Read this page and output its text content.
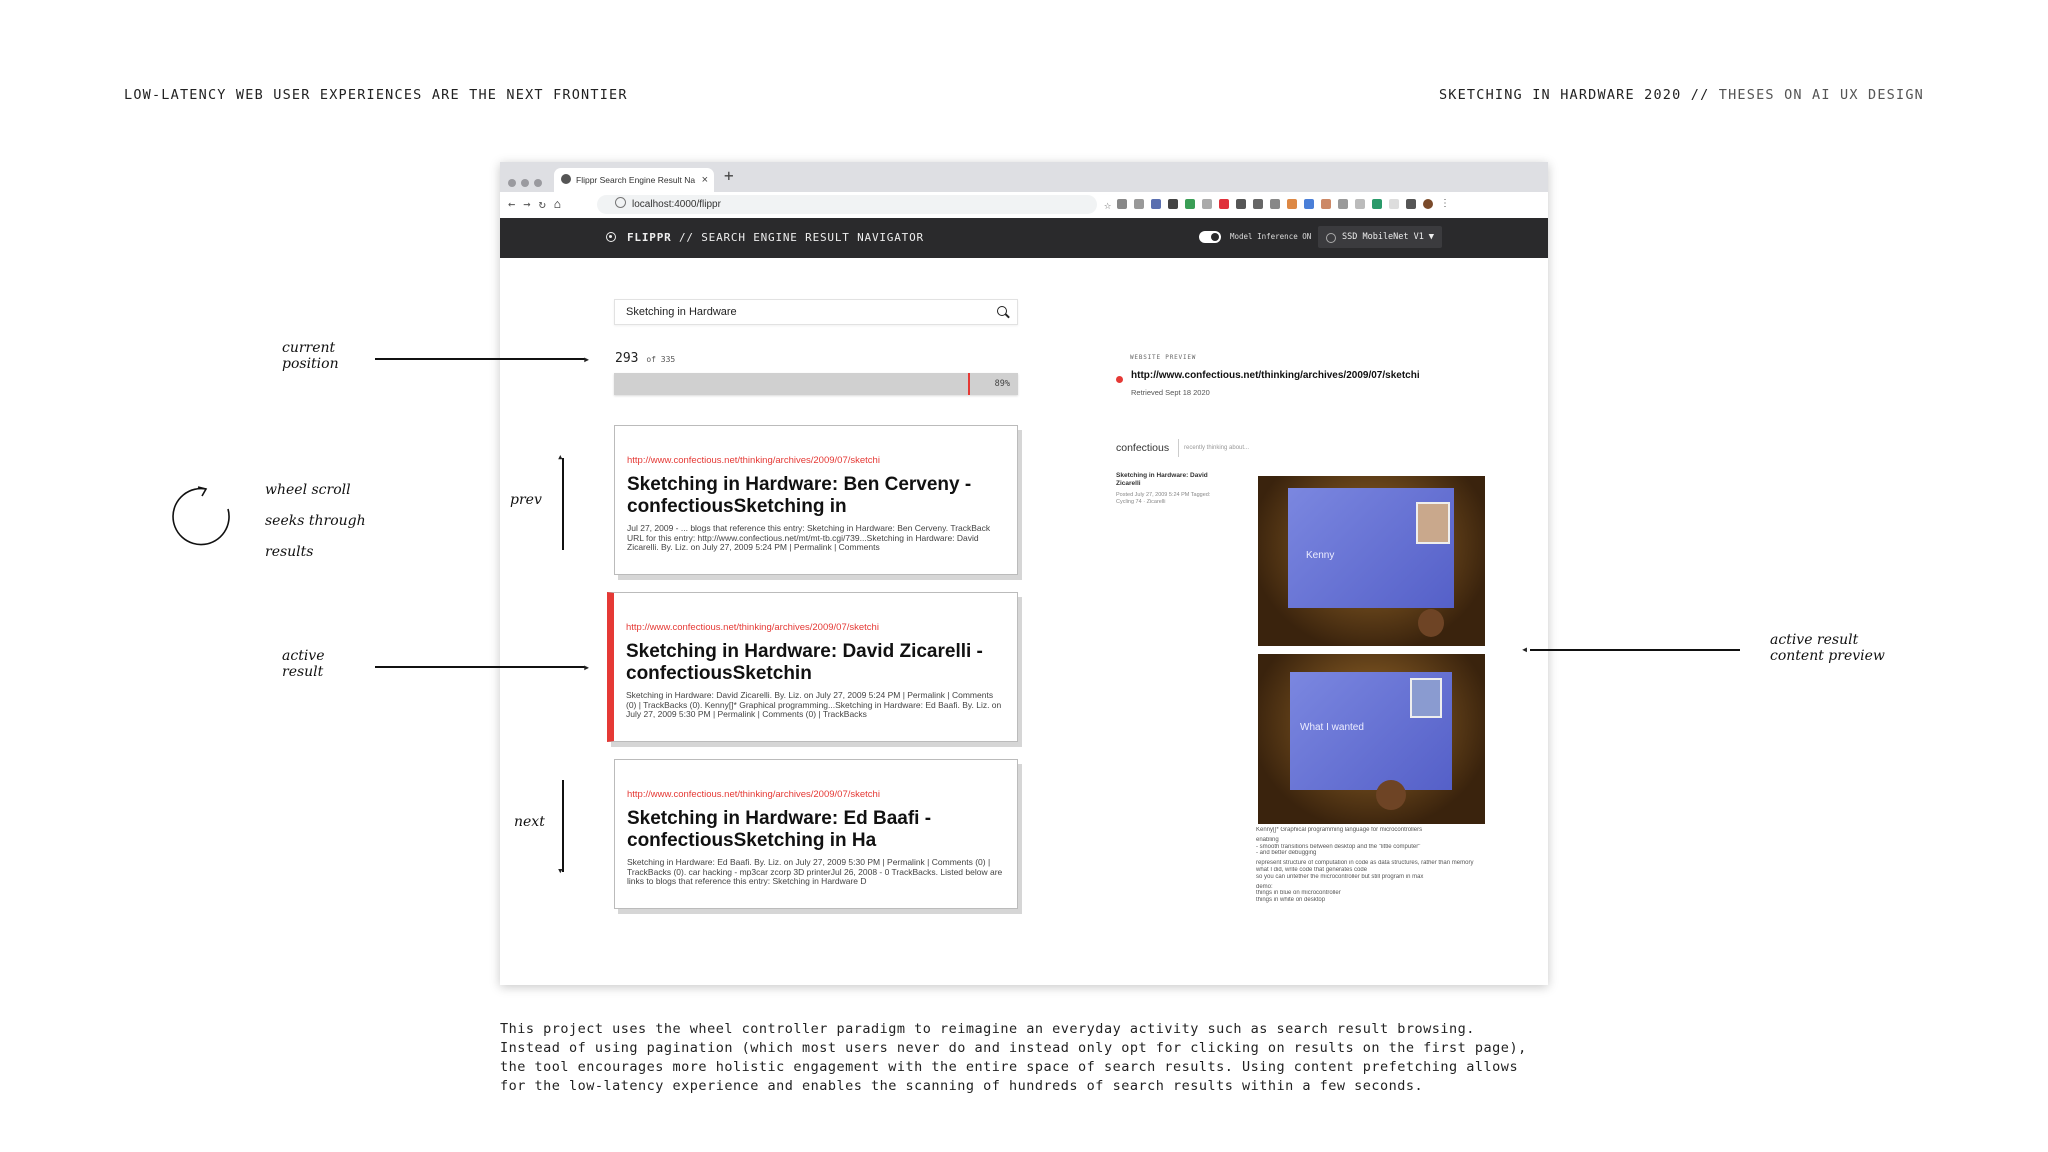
LOW-LATENCY WEB USER EXPERIENCES ARE THE NEXT FRONTIER	SKETCHING IN HARDWARE 2020 // THESES ON AI UX DESIGN
Flippr Search Engine Result Na × +
←→↻⌂	localhost:4000/flippr	☆	⋮
FLIPPR // SEARCH ENGINE RESULT NAVIGATOR	Model Inference ON	SSD MobileNet V1 ▼
Sketching in Hardware
293 of 335
89%
http://www.confectious.net/thinking/archives/2009/07/sketchi
Sketching in Hardware: Ben Cerveny - confectiousSketching in
Jul 27, 2009 - ... blogs that reference this entry: Sketching in Hardware: Ben Cerveny. TrackBack URL for this entry: http://www.confectious.net/mt/mt-tb.cgi/739...Sketching in Hardware: David Zicarelli. By. Liz. on July 27, 2009 5:24 PM | Permalink | Comments
http://www.confectious.net/thinking/archives/2009/07/sketchi
Sketching in Hardware: David Zicarelli - confectiousSketchin
Sketching in Hardware: David Zicarelli. By. Liz. on July 27, 2009 5:24 PM | Permalink | Comments (0) | TrackBacks (0). Kenny[]* Graphical programming...Sketching in Hardware: Ed Baafi. By. Liz. on July 27, 2009 5:30 PM | Permalink | Comments (0) | TrackBacks
http://www.confectious.net/thinking/archives/2009/07/sketchi
Sketching in Hardware: Ed Baafi - confectiousSketching in Ha
Sketching in Hardware: Ed Baafi. By. Liz. on July 27, 2009 5:30 PM | Permalink | Comments (0) | TrackBacks (0). car hacking - mp3car zcorp 3D printerJul 26, 2008 - 0 TrackBacks. Listed below are links to blogs that reference this entry: Sketching in Hardware D
WEBSITE PREVIEW
http://www.confectious.net/thinking/archives/2009/07/sketchi
Retrieved Sept 18 2020
confectious recently thinking about...
Sketching in Hardware: David Zicarelli
Posted July 27, 2009 5:24 PM Tagged: Cycling 74 · Zicarelli
Kenny
What I wanted
Kenny[]* Graphical programming language for microcontrollers
enabling
- smooth transitions between desktop and the "little computer"
- and better debugging
represent structure of computation in code as data structures, rather than memory
what I did, write code that generates code
so you can untether the microcontroller but still program in max
demo:
things in blue on microcontroller
things in white on desktop
current
position	▸
wheel scroll
seeks through
results
prev
▴
active
result	▸
next
▾
active result
content preview
◂
This project uses the wheel controller paradigm to reimagine an everyday activity such as search result browsing.
Instead of using pagination (which most users never do and instead only opt for clicking on results on the first page),
the tool encourages more holistic engagement with the entire space of search results. Using content prefetching allows
for the low-latency experience and enables the scanning of hundreds of search results within a few seconds.
